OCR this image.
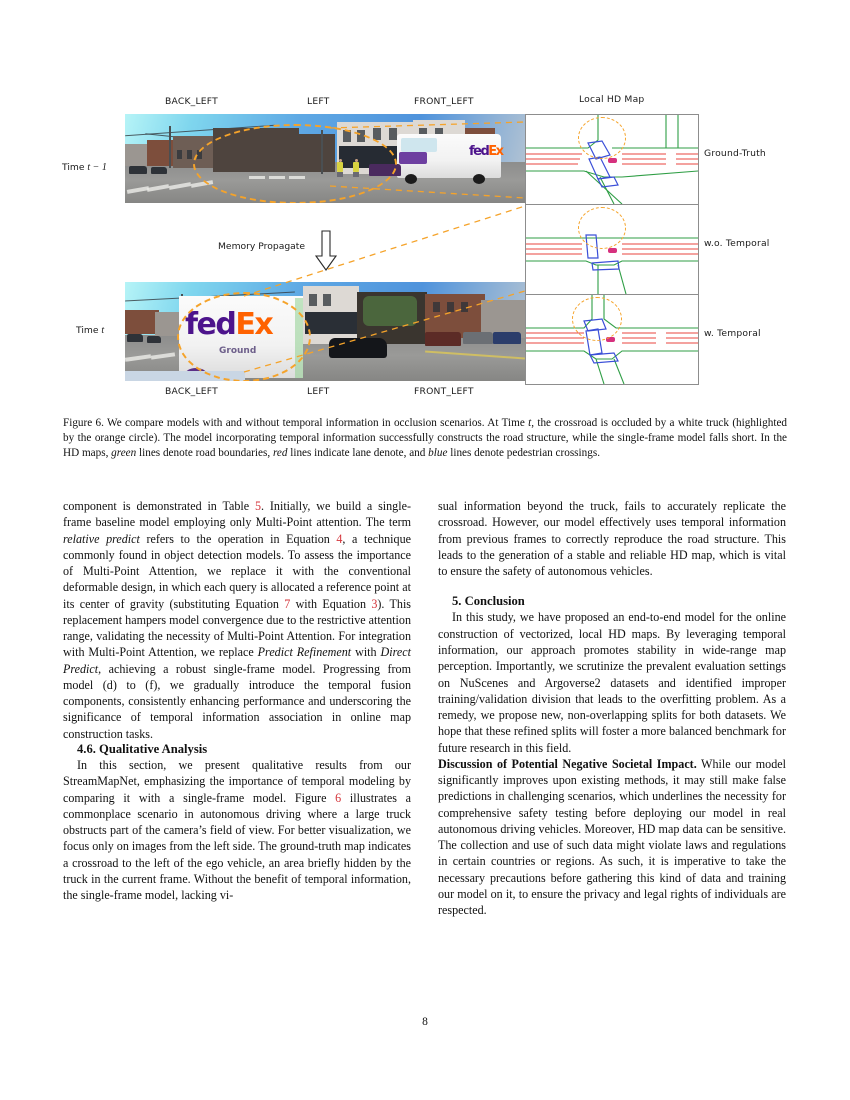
BACK_LEFT	LEFT	FRONT_LEFT	Local HD Map
Time t − 1
Time t
fedEx
fedEx
Ground
BACK_LEFT	LEFT	FRONT_LEFT
Memory Propagate
Ground-Truth
w.o. Temporal
w. Temporal
Figure 6. We compare models with and without temporal information in occlusion scenarios. At Time t, the crossroad is occluded by a white truck (highlighted by the orange circle). The model incorporating temporal information successfully constructs the road structure, while the single-frame model falls short. In the HD maps, green lines denote road boundaries, red lines indicate lane denote, and blue lines denote pedestrian crossings.

component is demonstrated in Table 5. Initially, we build a single-frame baseline model employing only Multi-Point attention. The term relative predict refers to the operation in Equation 4, a technique commonly found in object detection models. To assess the importance of Multi-Point Attention, we replace it with the conventional deformable design, in which each query is allocated a reference point at its center of gravity (substituting Equation 7 with Equation 3). This replacement hampers model convergence due to the restrictive attention range, validating the necessity of Multi-Point Attention. For integration with Multi-Point Attention, we replace Predict Refinement with Direct Predict, achieving a robust single-frame model. Progressing from model (d) to (f), we gradually introduce the temporal fusion components, consistently enhancing performance and underscoring the significance of temporal information association in online map construction tasks.

4.6. Qualitative Analysis

In this section, we present qualitative results from our StreamMapNet, emphasizing the importance of temporal modeling by comparing it with a single-frame model. Figure 6 illustrates a commonplace scenario in autonomous driving where a large truck obstructs part of the camera’s field of view. For better visualization, we focus only on images from the left side. The ground-truth map indicates a crossroad to the left of the ego vehicle, an area briefly hidden by the truck in the current frame. Without the benefit of temporal information, the single-frame model, lacking vi-

sual information beyond the truck, fails to accurately replicate the crossroad. However, our model effectively uses temporal information from previous frames to correctly reproduce the road structure. This leads to the generation of a stable and reliable HD map, which is vital to ensure the safety of autonomous vehicles.

5. Conclusion

In this study, we have proposed an end-to-end model for the online construction of vectorized, local HD maps. By leveraging temporal information, our approach promotes stability in wide-range map perception. Importantly, we scrutinize the prevalent evaluation settings on NuScenes and Argoverse2 datasets and identified improper training/validation division that leads to the overfitting problem. As a remedy, we propose new, non-overlapping splits for both datasets. We hope that these refined splits will foster a more balanced benchmark for future research in this field.

Discussion of Potential Negative Societal Impact. While our model significantly improves upon existing methods, it may still make false predictions in challenging scenarios, which underlines the necessity for comprehensive safety testing before deploying our model in real autonomous driving vehicles. Moreover, HD map data can be sensitive. The collection and use of such data might violate laws and regulations in certain countries or regions. As such, it is imperative to take the necessary precautions before gathering this kind of data and training our model on it, to ensure the privacy and legal rights of individuals are respected.

8
